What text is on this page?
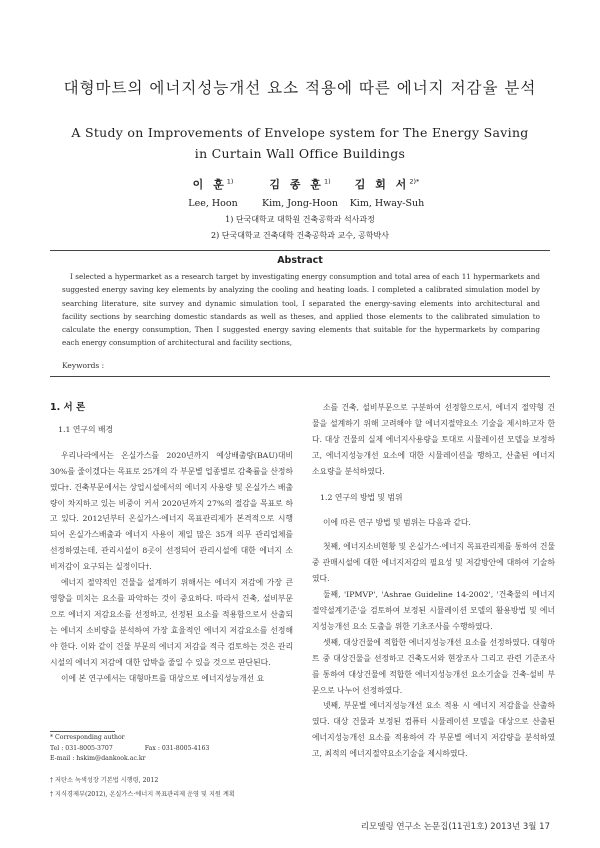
대형마트의 에너지성능개선 요소 적용에 따른 에너지 저감율 분석
A Study on Improvements of Envelope system for The Energy Saving
in Curtain Wall Office Buildings
이 훈$^{1)}$
Lee, Hoon
김 종 훈$^{1)}$
Kim, Jong-Hoon
김 회 서$^{2)*}$
Kim, Hway-Suh
1) 단국대학교 대학원 건축공학과 석사과정
2) 단국대학교 건축대학 건축공학과 교수, 공학박사
Abstract
I selected a hypermarket as a research target by investigating energy consumption and total area of each 11 hypermarkets and suggested energy saving key elements by analyzing the cooling and heating loads. I completed a calibrated simulation model by searching literature, site survey and dynamic simulation tool, I separated the energy-saving elements into architectural and facility sections by searching domestic standards as well as theses, and applied those elements to the calibrated simulation to calculate the energy consumption, Then I suggested energy saving elements that suitable for the hypermarkets by comparing each energy consumption of architectural and facility sections,
Keywords :

1. 서 론

1.1 연구의 배경

우리나라에서는 온실가스를 2020년까지 예상배출량(BAU)대비 30%를 줄이겠다는 목표로 25개의 각 부문별 업종별로 감축률을 산정하였다†. 건축부문에서는 상업시설에서의 에너지 사용량 및 온실가스 배출량이 차지하고 있는 비중이 커서 2020년까지 27%의 절감을 목표로 하고 있다. 2012년부터 온실가스·에너지 목표관리제가 본격적으로 시행되어 온실가스배출과 에너지 사용이 제일 많은 35개 의무 관리업체를 선정하였는데, 관리시설이 8곳이 선정되어 관리시설에 대한 에너지 소비저감이 요구되는 실정이다†.

에너지 절약적인 건물을 설계하기 위해서는 에너지 저감에 가장 큰 영향을 미치는 요소를 파악하는 것이 중요하다. 따라서 건축, 설비부문으로 에너지 저감요소를 선정하고, 선정된 요소를 적용함으로서 산출되는 에너지 소비량을 분석하여 가장 효율적인 에너지 저감요소를 선정해야 한다. 이와 같이 건물 부문의 에너지 저감을 적극 검토하는 것은 관리시설의 에너지 저감에 대한 압박을 줄일 수 있을 것으로 판단된다.

이에 본 연구에서는 대형마트를 대상으로 에너지성능개선 요

* Corresponding author
Tel : 031-8005-3707	Fax : 031-8005-4163
E-mail : hskim@dankook.ac.kr
† 저탄소 녹색성장 기본법 시행령, 2012
† 지식경제부(2012), 온실가스·에너지 목표관리제 운영 및 지원 계획

소를 건축, 설비부문으로 구분하여 선정함으로서, 에너지 절약형 건물을 설계하기 위해 고려해야 할 에너지절약요소 기술을 제시하고자 한다. 대상 건물의 실제 에너지사용량을 토대로 시뮬레이션 모델을 보정하고, 에너지성능개선 요소에 대한 시뮬레이션을 행하고, 산출된 에너지 소요량을 분석하였다.

1.2 연구의 방법 및 범위

이에 따른 연구 방법 및 범위는 다음과 같다.

첫째, 에너지소비현황 및 온실가스·에너지 목표관리제를 통하여 건물 중 관매시설에 대한 에너지저감의 필요성 및 저감방안에 대하여 기술하였다.

둘째, 'IPMVP', 'Ashrae Guideline 14-2002', '건축물의 에너지절약설계기준'을 검토하여 보정된 시뮬레이션 모델의 활용방법 및 에너지성능개선 요소 도출을 위한 기초조사를 수행하였다.

셋째, 대상건물에 적합한 에너지성능개선 요소를 선정하였다. 대형마트 중 대상건물을 선정하고 건축도서와 현장조사 그리고 관련 기준조사를 통하여 대상건물에 적합한 에너지성능개선 요소기술을 건축·설비 부문으로 나누어 선정하였다.

넷째, 부문별 에너지성능개선 요소 적용 시 에너지 저감율을 산출하였다. 대상 건물과 보정된 컴퓨터 시뮬레이션 모델을 대상으로 산출된 에너지성능개선 요소를 적용하여 각 부문별 에너지 저감량을 분석하였고, 최적의 에너지절약요소기술을 제시하였다.

리모델링 연구소 논문집(11권1호) 2013년 3월 17
